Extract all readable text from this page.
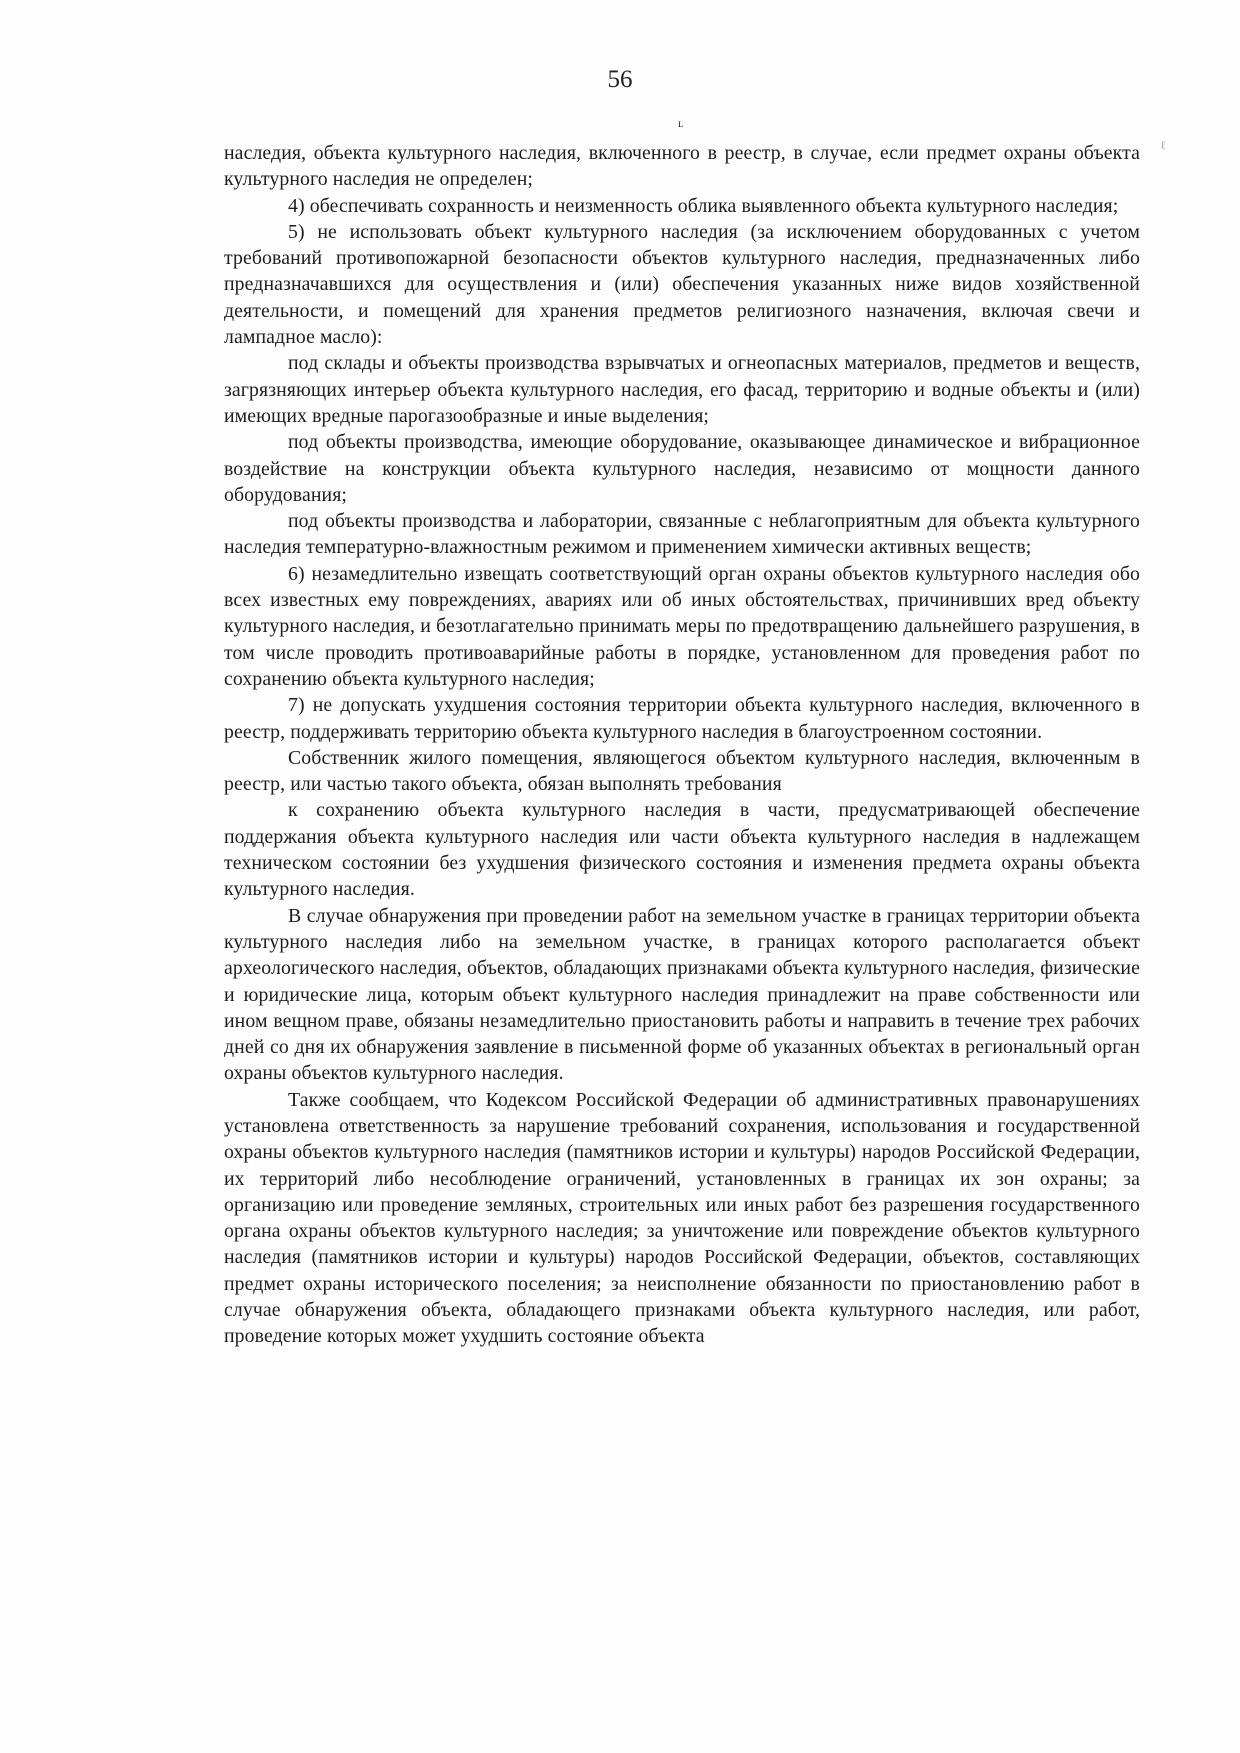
56
ʟ
ℓ

наследия, объекта культурного наследия, включенного в реестр, в случае, если предмет охраны объекта культурного наследия не определен;

4) обеспечивать сохранность и неизменность облика выявленного объекта культурного наследия;

5) не использовать объект культурного наследия (за исключением оборудованных с учетом требований противопожарной безопасности объектов культурного наследия, предназначенных либо предназначавшихся для осуществления и (или) обеспечения указанных ниже видов хозяйственной деятельности, и помещений для хранения предметов религиозного назначения, включая свечи и лампадное масло):

под склады и объекты производства взрывчатых и огнеопасных материалов, предметов и веществ, загрязняющих интерьер объекта культурного наследия, его фасад, территорию и водные объекты и (или) имеющих вредные парогазообразные и иные выделения;

под объекты производства, имеющие оборудование, оказывающее динамическое и вибрационное воздействие на конструкции объекта культурного наследия, независимо от мощности данного оборудования;

под объекты производства и лаборатории, связанные с неблагоприятным для объекта культурного наследия температурно-влажностным режимом и применением химически активных веществ;

6) незамедлительно извещать соответствующий орган охраны объектов культурного наследия обо всех известных ему повреждениях, авариях или об иных обстоятельствах, причинивших вред объекту культурного наследия, и безотлагательно принимать меры по предотвращению дальнейшего разрушения, в том числе проводить противоаварийные работы в порядке, установленном для проведения работ по сохранению объекта культурного наследия;

7) не допускать ухудшения состояния территории объекта культурного наследия, включенного в реестр, поддерживать территорию объекта культурного наследия в благоустроенном состоянии.

Собственник жилого помещения, являющегося объектом культурного наследия, включенным в реестр, или частью такого объекта, обязан выполнять требования

к сохранению объекта культурного наследия в части, предусматривающей обеспечение поддержания объекта культурного наследия или части объекта культурного наследия в надлежащем техническом состоянии без ухудшения физического состояния и изменения предмета охраны объекта культурного наследия.

В случае обнаружения при проведении работ на земельном участке в границах территории объекта культурного наследия либо на земельном участке, в границах которого располагается объект археологического наследия, объектов, обладающих признаками объекта культурного наследия, физические и юридические лица, которым объект культурного наследия принадлежит на праве собственности или ином вещном праве, обязаны незамедлительно приостановить работы и направить в течение трех рабочих дней со дня их обнаружения заявление в письменной форме об указанных объектах в региональный орган охраны объектов культурного наследия.

Также сообщаем, что Кодексом Российской Федерации об административных правонарушениях установлена ответственность за нарушение требований сохранения, использования и государственной охраны объектов культурного наследия (памятников истории и культуры) народов Российской Федерации, их территорий либо несоблюдение ограничений, установленных в границах их зон охраны; за организацию или проведение земляных, строительных или иных работ без разрешения государственного органа охраны объектов культурного наследия; за уничтожение или повреждение объектов культурного наследия (памятников истории и культуры) народов Российской Федерации, объектов, составляющих предмет охраны исторического поселения; за неисполнение обязанности по приостановлению работ в случае обнаружения объекта, обладающего признаками объекта культурного наследия, или работ, проведение которых может ухудшить состояние объекта
